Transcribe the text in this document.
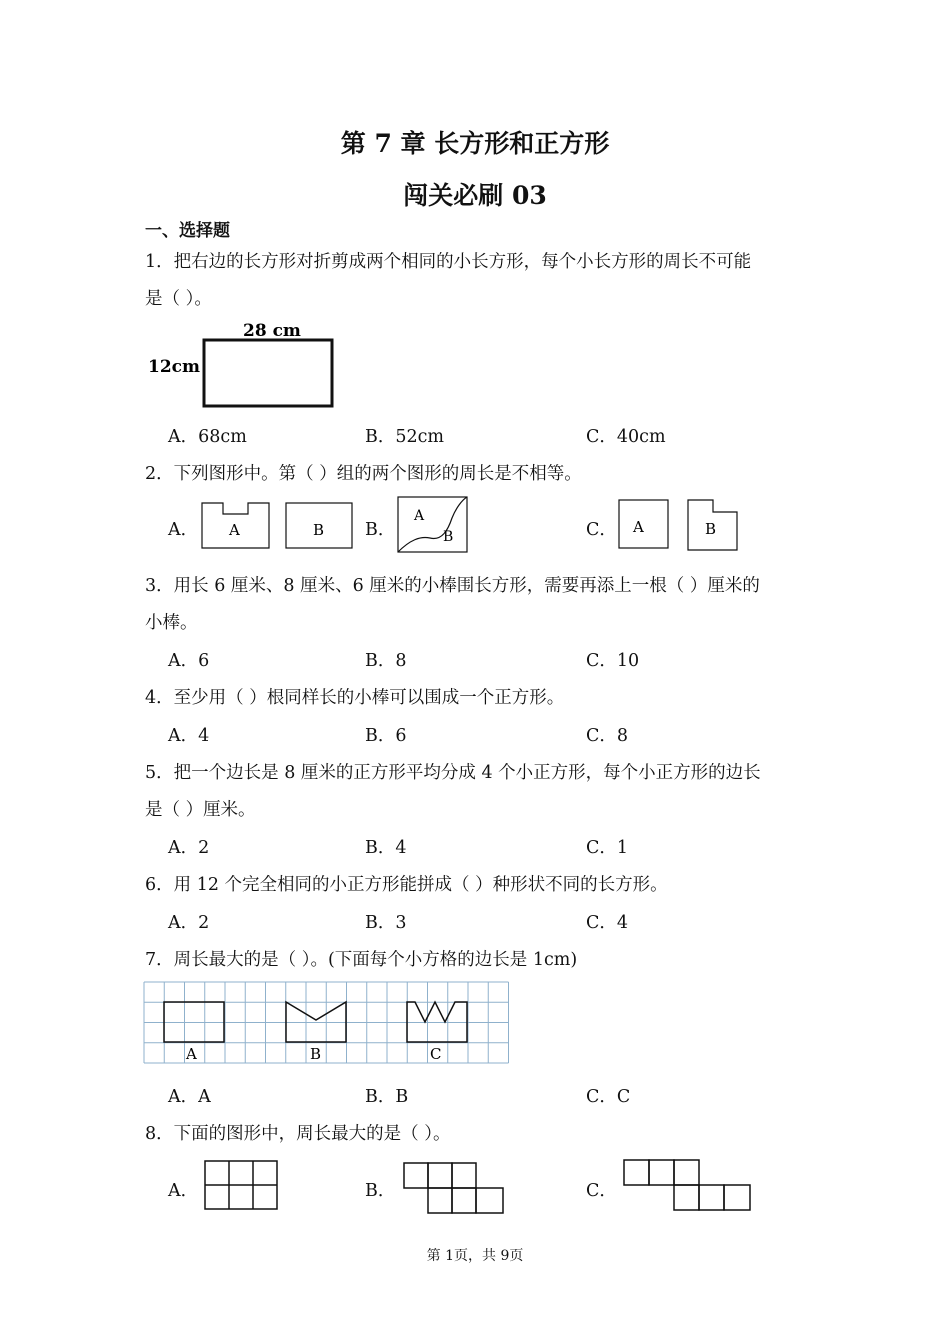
第 7 章 长方形和正方形
闯关必刷 03
一、选择题
1．把右边的长方形对折剪成两个相同的小长方形，每个小长方形的周长不可能
是（ ）。
28 cm
12cm
A．68cm	B．52cm	C．40cm
2．下列图形中。第（ ）组的两个图形的周长是不相等。
A．	B．	C．
A	B
A
B
A	B
3．用长 6 厘米、8 厘米、6 厘米的小棒围长方形，需要再添上一根（ ）厘米的
小棒。
A．6	B．8	C．10
4．至少用（ ）根同样长的小棒可以围成一个正方形。
A．4	B．6	C．8
5．把一个边长是 8 厘米的正方形平均分成 4 个小正方形，每个小正方形的边长
是（ ）厘米。
A．2	B．4	C．1
6．用 12 个完全相同的小正方形能拼成（ ）种形状不同的长方形。
A．2	B．3	C．4
7．周长最大的是（ ）。(下面每个小方格的边长是 1cm)
A	B	C
A．A	B．B	C．C
8．下面的图形中，周长最大的是（ ）。
A．	B．	C．
第 1页，共 9页
